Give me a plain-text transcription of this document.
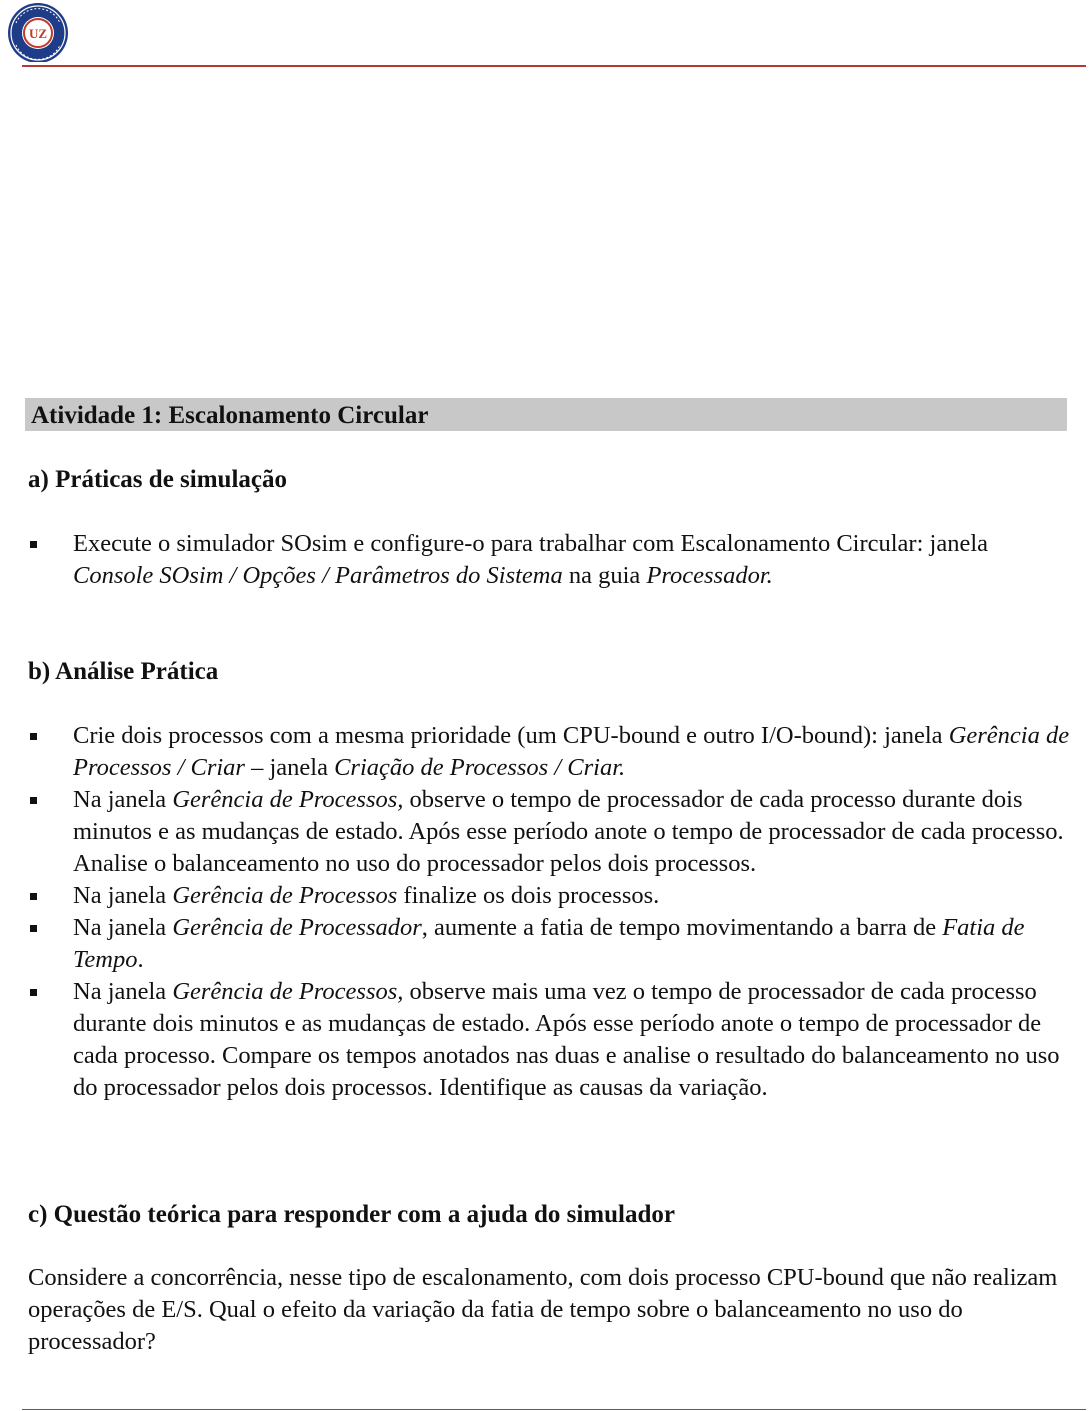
UZ
Atividade 1: Escalonamento Circular
a) Práticas de simulação
Execute o simulador SOsim e configure-o para trabalhar com Escalonamento Circular: janela Console SOsim / Opções / Parâmetros do Sistema na guia Processador.
b) Análise Prática
Crie dois processos com a mesma prioridade (um CPU-bound e outro I/O-bound): janela Gerência de Processos / Criar – janela Criação de Processos / Criar.
Na janela Gerência de Processos, observe o tempo de processador de cada processo durante dois minutos e as mudanças de estado. Após esse período anote o tempo de processador de cada processo. Analise o balanceamento no uso do processador pelos dois processos.
Na janela Gerência de Processos finalize os dois processos.
Na janela Gerência de Processador, aumente a fatia de tempo movimentando a barra de Fatia de Tempo.
Na janela Gerência de Processos, observe mais uma vez o tempo de processador de cada processo durante dois minutos e as mudanças de estado. Após esse período anote o tempo de processador de cada processo. Compare os tempos anotados nas duas e analise o resultado do balanceamento no uso do processador pelos dois processos. Identifique as causas da variação.
c) Questão teórica para responder com a ajuda do simulador
Considere a concorrência, nesse tipo de escalonamento, com dois processo CPU-bound que não realizam operações de E/S. Qual o efeito da variação da fatia de tempo sobre o balanceamento no uso do processador?
